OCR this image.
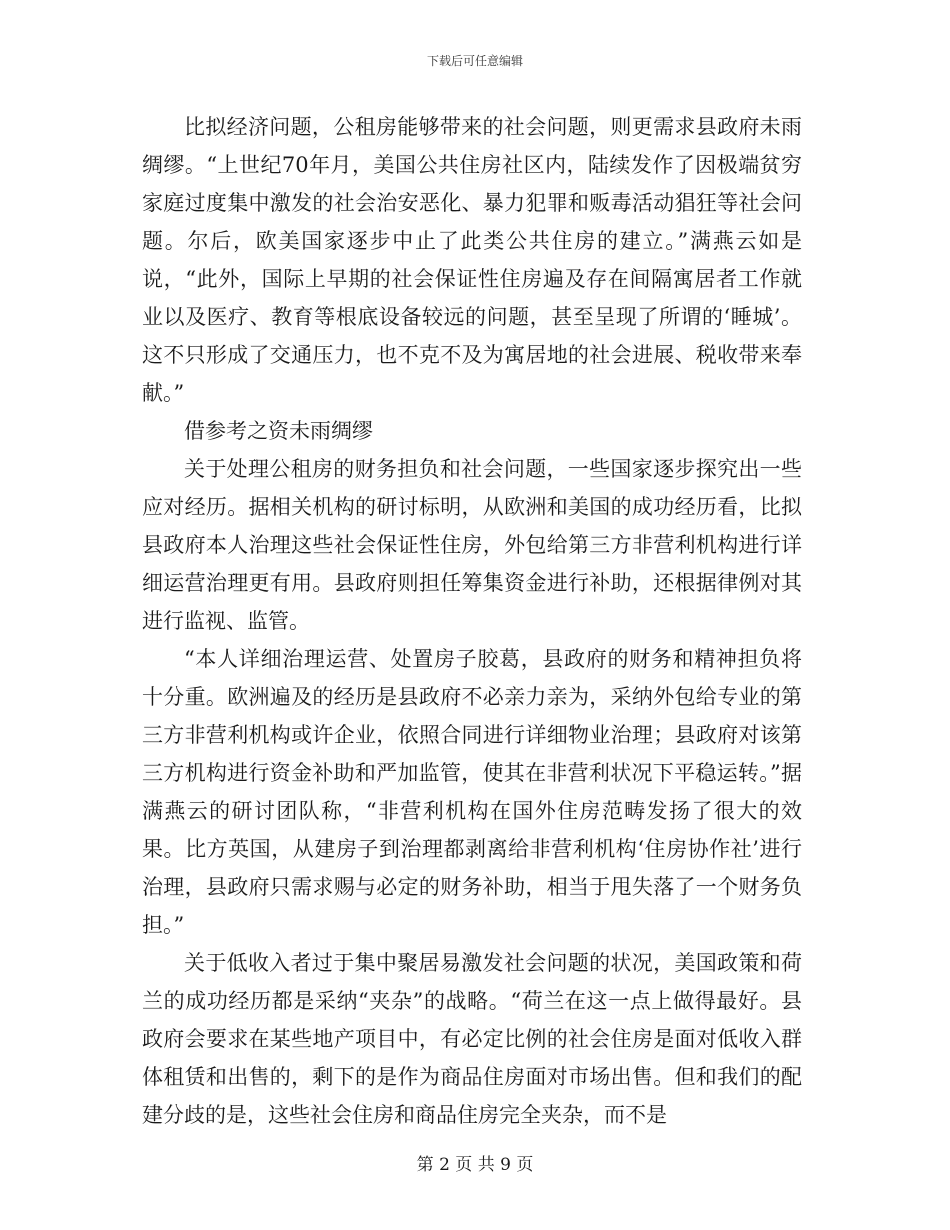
下载后可任意编辑

比拟经济问题，公租房能够带来的社会问题，则更需求县政府未雨绸缪。“上世纪70年月，美国公共住房社区内，陆续发作了因极端贫穷家庭过度集中激发的社会治安恶化、暴力犯罪和贩毒活动猖狂等社会问题。尔后，欧美国家逐步中止了此类公共住房的建立。”满燕云如是说，“此外，国际上早期的社会保证性住房遍及存在间隔寓居者工作就业以及医疗、教育等根底设备较远的问题，甚至呈现了所谓的‘睡城’。这不只形成了交通压力，也不克不及为寓居地的社会进展、税收带来奉献。”

借参考之资未雨绸缪

关于处理公租房的财务担负和社会问题，一些国家逐步探究出一些应对经历。据相关机构的研讨标明，从欧洲和美国的成功经历看，比拟县政府本人治理这些社会保证性住房，外包给第三方非营利机构进行详细运营治理更有用。县政府则担任筹集资金进行补助，还根据律例对其进行监视、监管。

“本人详细治理运营、处置房子胶葛，县政府的财务和精神担负将十分重。欧洲遍及的经历是县政府不必亲力亲为，采纳外包给专业的第三方非营利机构或许企业，依照合同进行详细物业治理；县政府对该第三方机构进行资金补助和严加监管，使其在非营利状况下平稳运转。”据满燕云的研讨团队称，“非营利机构在国外住房范畴发扬了很大的效果。比方英国，从建房子到治理都剥离给非营利机构‘住房协作社’进行治理，县政府只需求赐与必定的财务补助，相当于甩失落了一个财务负担。”

关于低收入者过于集中聚居易激发社会问题的状况，美国政策和荷兰的成功经历都是采纳“夹杂”的战略。“荷兰在这一点上做得最好。县政府会要求在某些地产项目中，有必定比例的社会住房是面对低收入群体租赁和出售的，剩下的是作为商品住房面对市场出售。但和我们的配建分歧的是，这些社会住房和商品住房完全夹杂，而不是

第 2 页 共 9 页
